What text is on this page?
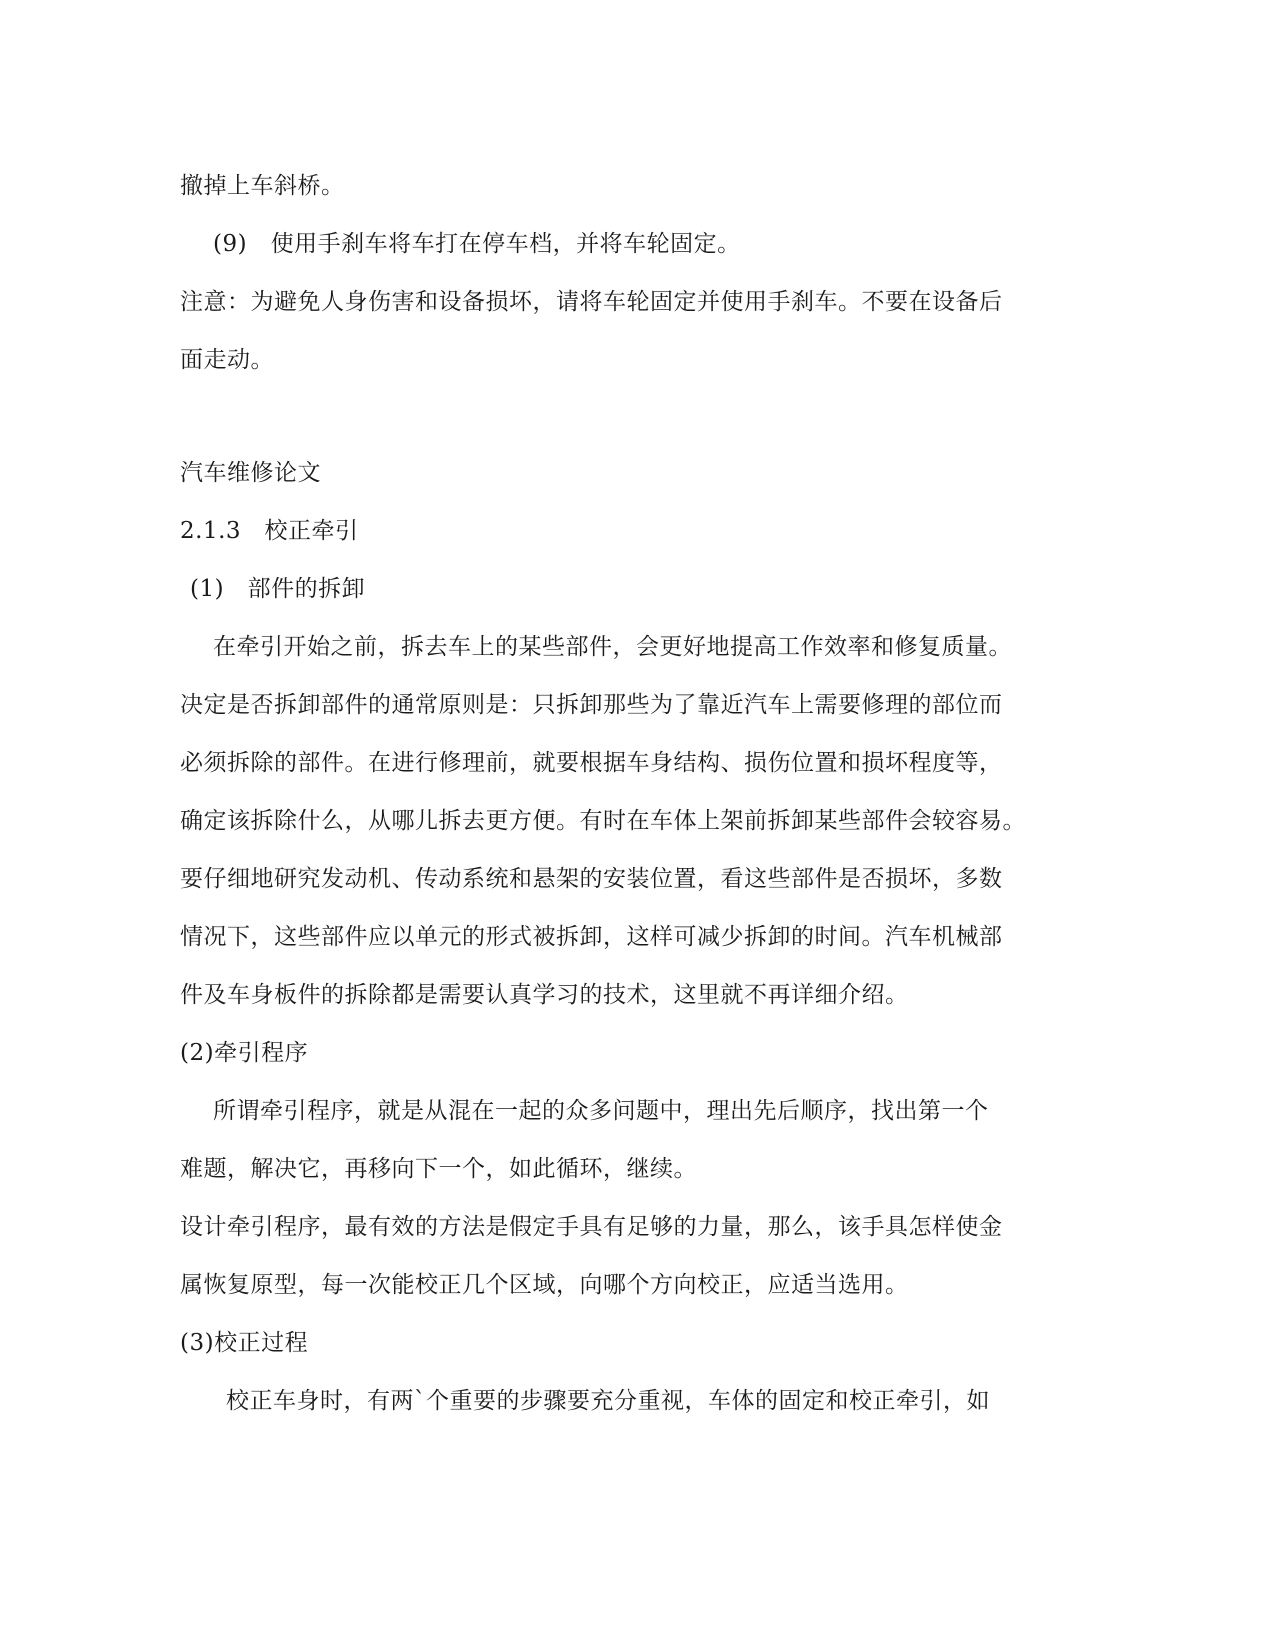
撤掉上车斜桥。
(9)　使用手刹车将车打在停车档，并将车轮固定。
注意：为避免人身伤害和设备损坏，请将车轮固定并使用手刹车。不要在设备后
面走动。
汽车维修论文
2.1.3　校正牵引
(1)　部件的拆卸
在牵引开始之前，拆去车上的某些部件，会更好地提高工作效率和修复质量。
决定是否拆卸部件的通常原则是：只拆卸那些为了靠近汽车上需要修理的部位而
必须拆除的部件。在进行修理前，就要根据车身结构、损伤位置和损坏程度等，
确定该拆除什么，从哪儿拆去更方便。有时在车体上架前拆卸某些部件会较容易。
要仔细地研究发动机、传动系统和悬架的安装位置，看这些部件是否损坏，多数
情况下，这些部件应以单元的形式被拆卸，这样可减少拆卸的时间。汽车机械部
件及车身板件的拆除都是需要认真学习的技术，这里就不再详细介绍。
(2)牵引程序
所谓牵引程序，就是从混在一起的众多问题中，理出先后顺序，找出第一个
难题，解决它，再移向下一个，如此循环，继续。
设计牵引程序，最有效的方法是假定手具有足够的力量，那么，该手具怎样使金
属恢复原型，每一次能校正几个区域，向哪个方向校正，应适当选用。
(3)校正过程
校正车身时，有两`个重要的步骤要充分重视，车体的固定和校正牵引，如
